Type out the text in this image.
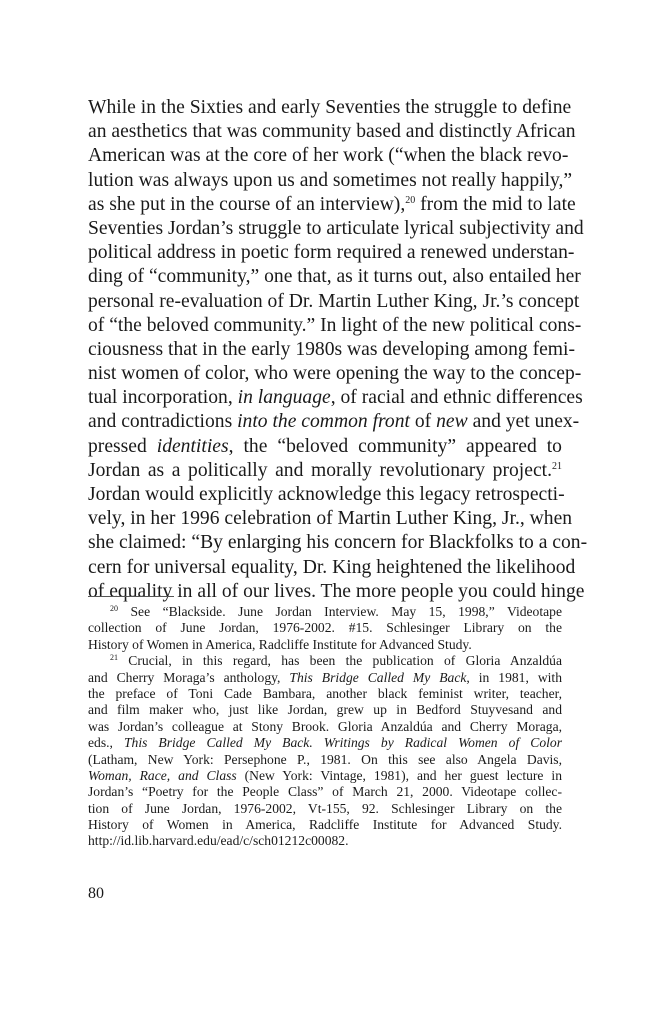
While in the Sixties and early Seventies the struggle to define
an aesthetics that was community based and distinctly African
American was at the core of her work (“when the black revo-
lution was always upon us and sometimes not really happily,”
as she put in the course of an interview),$^{20}$ from the mid to late
Seventies Jordan’s struggle to articulate lyrical subjectivity and
political address in poetic form required a renewed understan-
ding of “community,” one that, as it turns out, also entailed her
personal re-evaluation of Dr. Martin Luther King, Jr.’s concept
of “the beloved community.” In light of the new political cons-
ciousness that in the early 1980s was developing among femi-
nist women of color, who were opening the way to the concep-
tual incorporation, in language, of racial and ethnic differences
and contradictions into the common front of new and yet unex-
pressed identities, the “beloved community” appeared to
Jordan as a politically and morally revolutionary project.$^{21}$
Jordan would explicitly acknowledge this legacy retrospecti-
vely, in her 1996 celebration of Martin Luther King, Jr., when
she claimed: “By enlarging his concern for Blackfolks to a con-
cern for universal equality, Dr. King heightened the likelihood
of equality in all of our lives. The more people you could hinge

$^{20}$ See “Blackside. June Jordan Interview. May 15, 1998,” Videotape
collection of June Jordan, 1976-2002. #15. Schlesinger Library on the
History of Women in America, Radcliffe Institute for Advanced Study.
$^{21}$ Crucial, in this regard, has been the publication of Gloria Anzaldúa
and Cherry Moraga’s anthology, This Bridge Called My Back, in 1981, with
the preface of Toni Cade Bambara, another black feminist writer, teacher,
and film maker who, just like Jordan, grew up in Bedford Stuyvesand and
was Jordan’s colleague at Stony Brook. Gloria Anzaldúa and Cherry Moraga,
eds., This Bridge Called My Back. Writings by Radical Women of Color
(Latham, New York: Persephone P., 1981. On this see also Angela Davis,
Woman, Race, and Class (New York: Vintage, 1981), and her guest lecture in
Jordan’s “Poetry for the People Class” of March 21, 2000. Videotape collec-
tion of June Jordan, 1976-2002, Vt-155, 92. Schlesinger Library on the
History of Women in America, Radcliffe Institute for Advanced Study.
http://id.lib.harvard.edu/ead/c/sch01212c00082.
80
